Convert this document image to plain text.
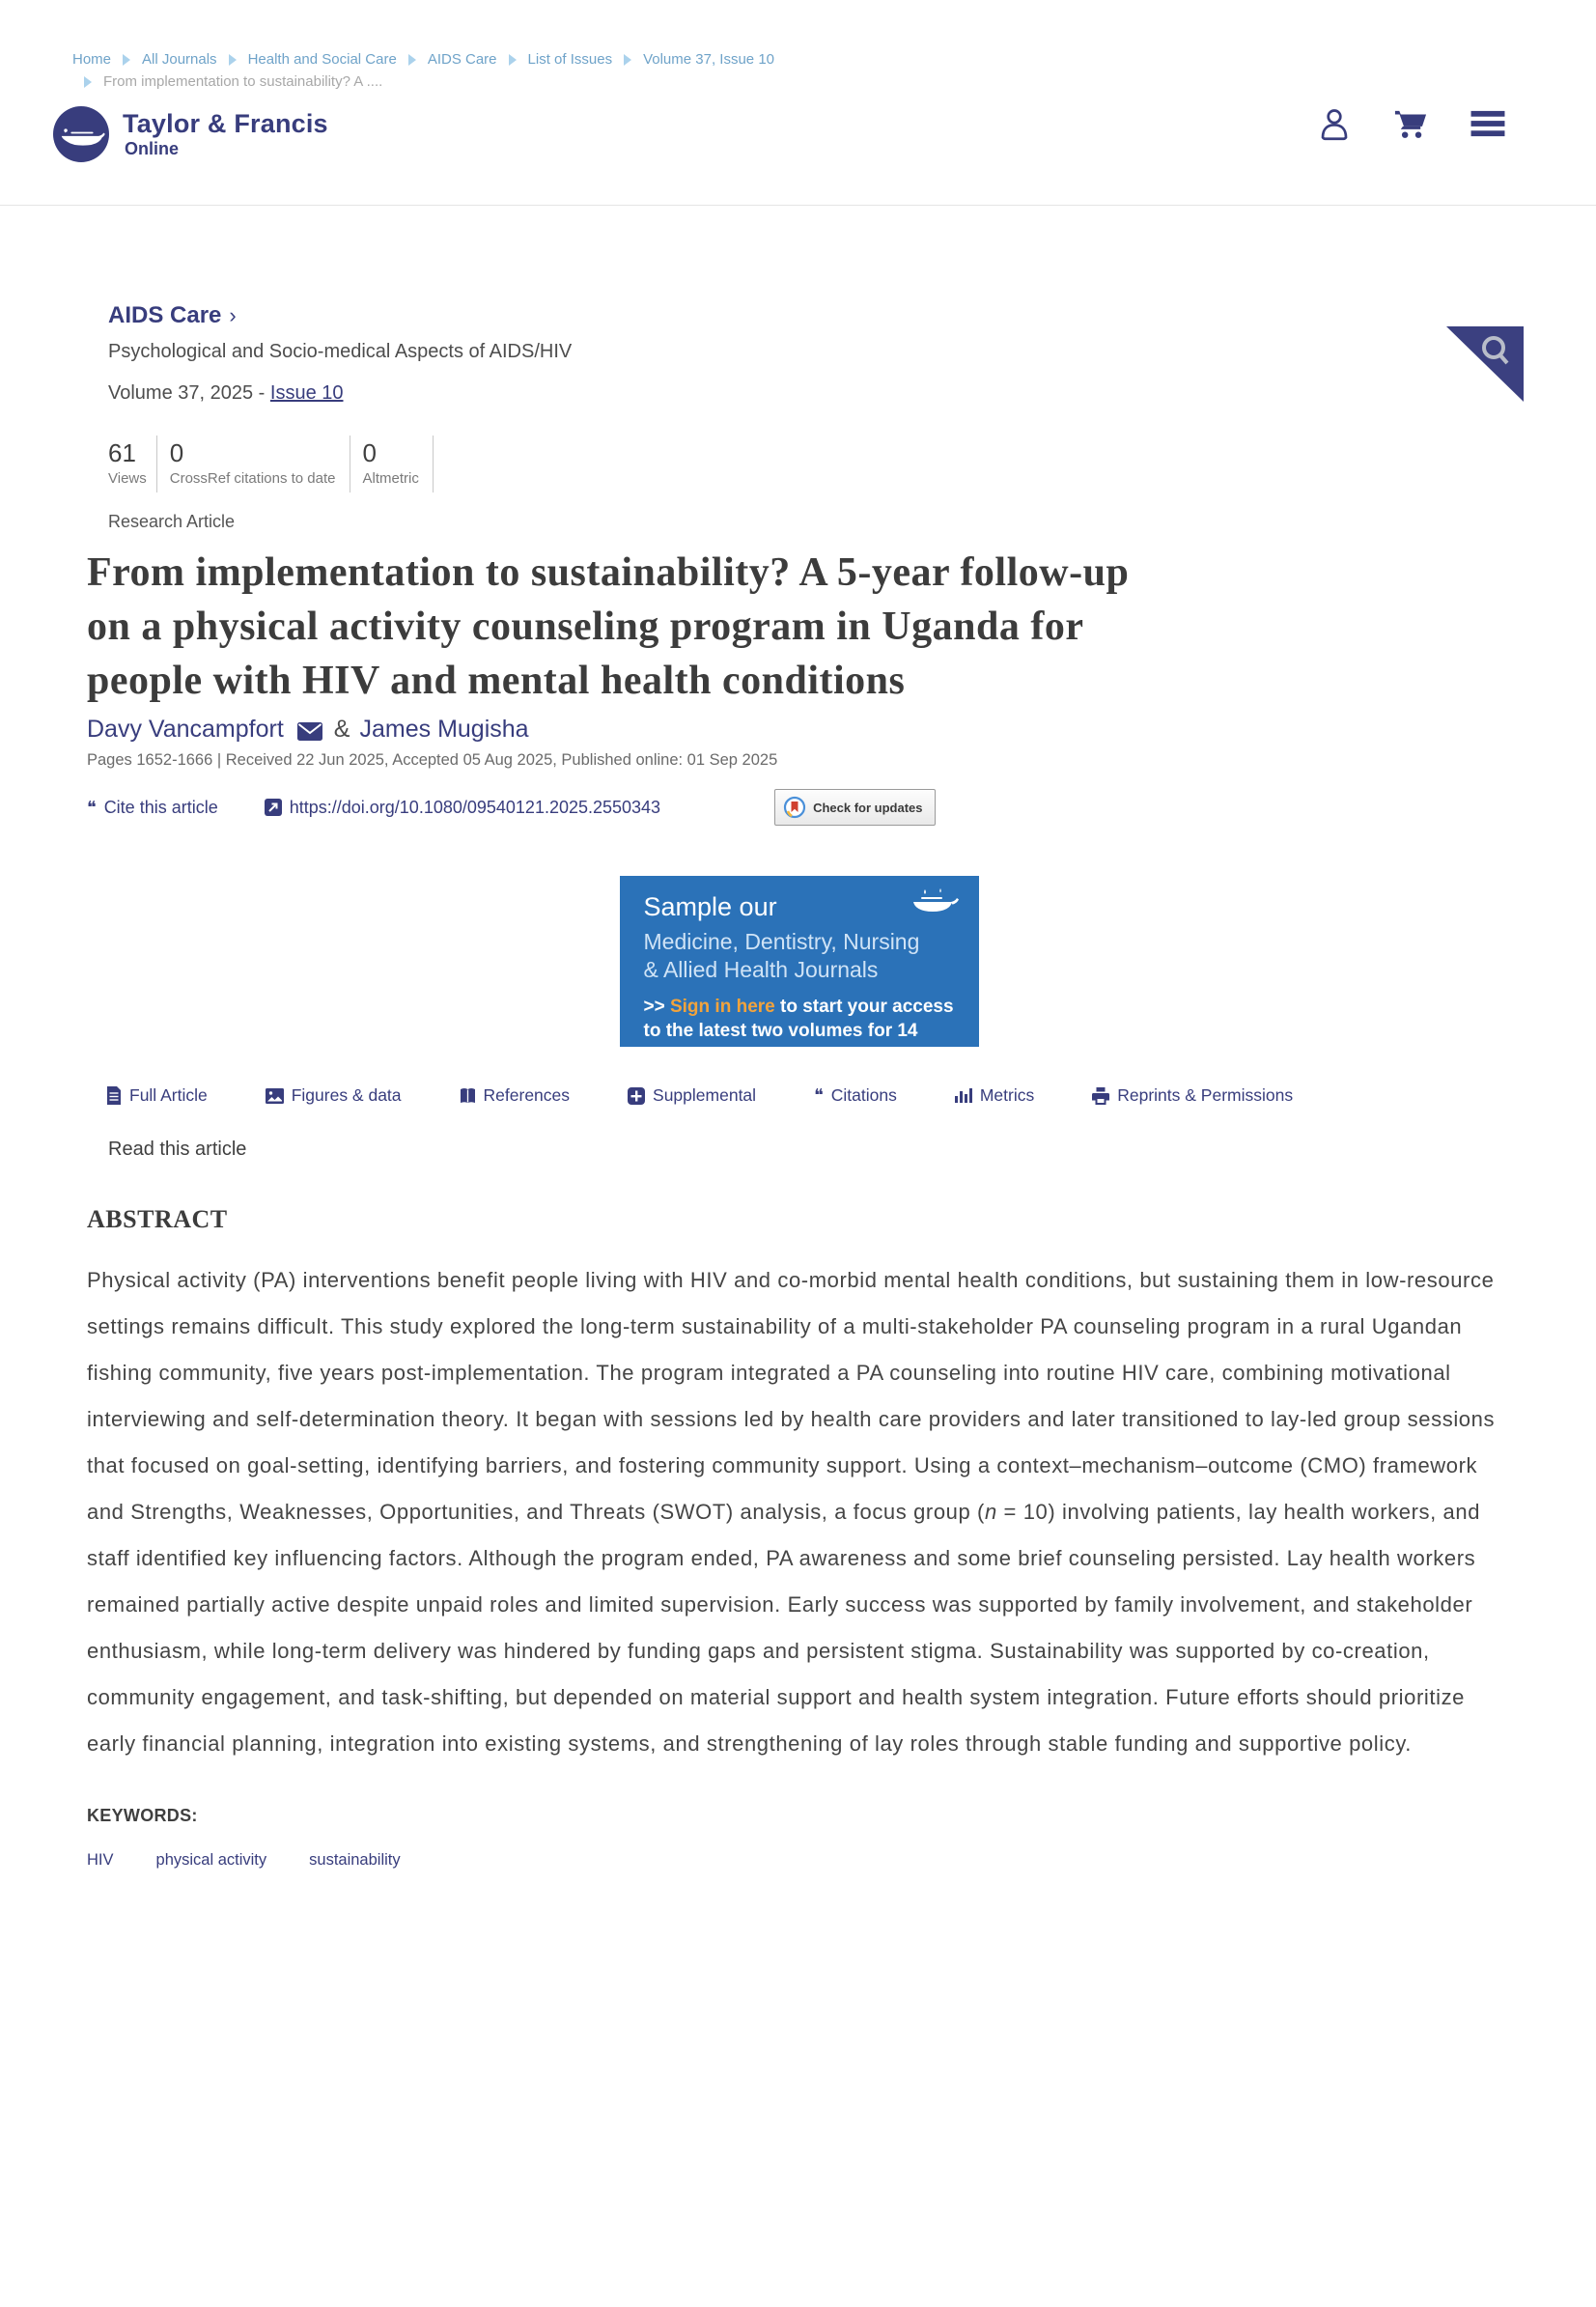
Home All Journals Health and Social Care AIDS Care List of Issues Volume 37, Issue 10
From implementation to sustainability? A ....
Taylor & Francis
Online
AIDS Care
›
Psychological and Socio-medical Aspects of AIDS/HIV
Volume 37, 2025 - Issue 10
61
Views
0
CrossRef citations to date
0
Altmetric
Research Article
From implementation to sustainability? A 5-year follow-up
on a physical activity counseling program in Uganda for
people with HIV and mental health conditions
Davy Vancampfort & James Mugisha
Pages 1652-1666 | Received 22 Jun 2025, Accepted 05 Aug 2025, Published online: 01 Sep 2025
❝
Cite this article	https://doi.org/10.1080/09540121.2025.2550343	Check for updates
Sample our
Medicine, Dentistry, Nursing
& Allied Health Journals
>> Sign in here to start your access
to the latest two volumes for 14 days
Full Article	Figures & data	References	Supplemental ❝	Citations	Metrics	Reprints & Permissions
Read this article
ABSTRACT

Physical activity (PA) interventions benefit people living with HIV and co-morbid mental health conditions, but sustaining them in low-resource settings remains difficult. This study explored the long-term sustainability of a multi-stakeholder PA counseling program in a rural Ugandan fishing community, five years post-implementation. The program integrated a PA counseling into routine HIV care, combining motivational interviewing and self-determination theory. It began with sessions led by health care providers and later transitioned to lay-led group sessions that focused on goal-setting, identifying barriers, and fostering community support. Using a context–mechanism–outcome (CMO) framework and Strengths, Weaknesses, Opportunities, and Threats (SWOT) analysis, a focus group (n = 10) involving patients, lay health workers, and staff identified key influencing factors. Although the program ended, PA awareness and some brief counseling persisted. Lay health workers remained partially active despite unpaid roles and limited supervision. Early success was supported by family involvement, and stakeholder enthusiasm, while long-term delivery was hindered by funding gaps and persistent stigma. Sustainability was supported by co-creation, community engagement, and task-shifting, but depended on material support and health system integration. Future efforts should prioritize early financial planning, integration into existing systems, and strengthening of lay roles through stable funding and supportive policy.

KEYWORDS:
HIV	physical activity	sustainability
